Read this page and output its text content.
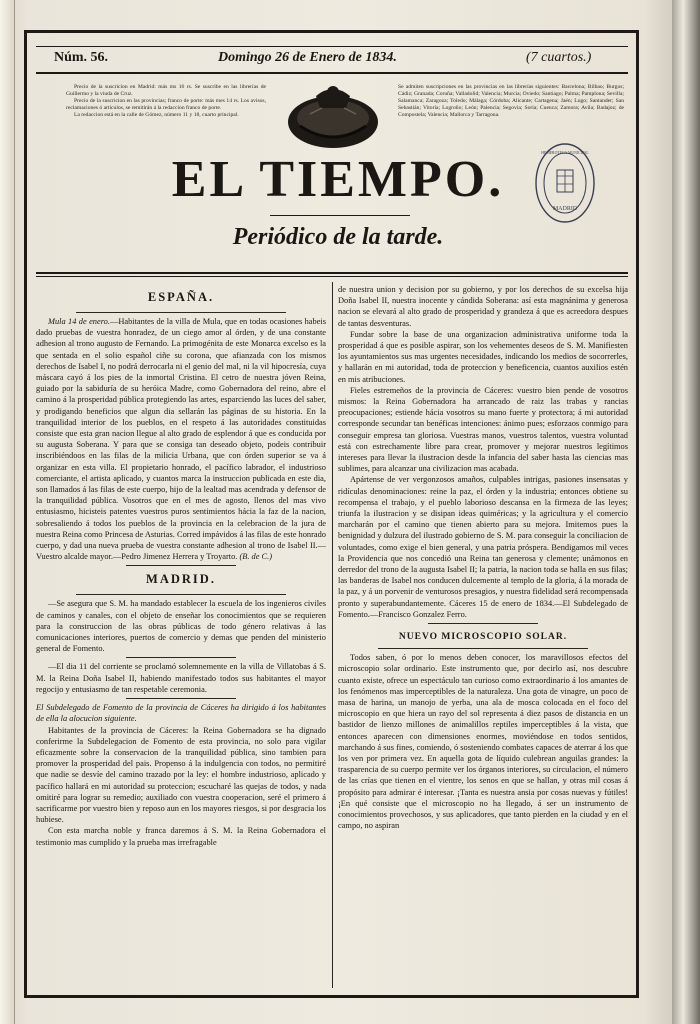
Núm. 56.	Domingo 26 de Enero de 1834.	(7 cuartos.)
Precio de la suscricion en Madrid: más ms 16 rs. Se suscribe en las librerías de Guillermo y la viuda de Cruz.
Precio de la suscricion en las provincias; franco de porte: más mes 14 rs. Los avisos, reclamaciones ó artículos, se remitirán á la redaccion franco de porte.
La redaccion está en la calle de Gómez, número 11 y 18, cuarto principal.
Se admiten suscripciones en las provincias en las librerías siguientes: Barcelona; Bilbao; Burgos; Cádiz; Granada; Coruña; Valladolid; Valencia; Murcia; Oviedo; Santiago; Palma; Pamplona; Sevilla; Salamanca; Zaragoza; Toledo; Málaga; Córdoba; Alicante; Cartagena; Jaén; Lugo; Santander; San Sebastián; Vitoria; Logroño; León; Palencia; Segovia; Soria; Cuenca; Zamora; Avila; Badajoz; de Compostela; Valencia; Mallorca y Tarragona.
EL TIEMPO.
Periódico de la tarde.
MADRID
HEMEROTECA MUNICIPAL
ESPAÑA.

Mula 14 de enero.—Habitantes de la villa de Mula, que en todas ocasiones habeis dado pruebas de vuestra honradez, de un ciego amor al órden, y de una constante adhesion al trono augusto de Fernando. La primogénita de este Monarca excelso es la que sentada en el solio español ciñe su corona, que afianzada con los mismos derechos de Isabel I, no podrá derrocarla ni el genio del mal, ni la vil hipocresía, cuya máscara cayó á los pies de la inmortal Cristina. El cetro de nuestra jóven Reina, guiado por la sabiduría de su heróica Madre, como Gobernadora del reino, abre el camino á la prosperidad pública protegiendo las artes, esparciendo las luces del saber, y prodigando beneficios que algun dia sellarán las páginas de su historia. En la tranquilidad interior de los pueblos, en el respeto á las autoridades constituidas consiste que esta gran nacion llegue al alto grado de esplendor á que es conducida por su augusta Soberana. Y para que se consiga tan deseado objeto, podeis contribuir inscribiéndoos en las filas de la milicia Urbana, que con órden superior se va á organizar en esta villa. El propietario honrado, el pacífico labrador, el industrioso comerciante, el artista aplicado, y cuantos marca la instruccion publicada en este dia, son llamados á las filas de este cuerpo, hijo de la lealtad mas acendrada y defensor de la tranquilidad pública. Vosotros que en el mes de agosto, llenos del mas vivo entusiasmo, hicisteis patentes vuestros puros sentimientos hácia la faz de la nacion, sobresaliendo á todos los pueblos de la provincia en la celebracion de la jura de nuestra Reina como Princesa de Asturias. Corred impávidos á las filas de este honrado cuerpo, y dad una nueva prueba de vuestra constante adhesion al trono de Isabel II.—Vuestro alcalde mayor.—Pedro Jimenez Herrera y Troyarto. (B. de C.)

MADRID.

—Se asegura que S. M. ha mandado establecer la escuela de los ingenieros civiles de caminos y canales, con el objeto de enseñar los conocimientos que se requieren para la construccion de las obras públicas de todo género relativas á las comunicaciones interiores, puertos de comercio y demas que penden del ministerio general de Fomento.

—El dia 11 del corriente se proclamó solemnemente en la villa de Villatobas á S. M. la Reina Doña Isabel II, habiendo manifestado todos sus habitantes el mayor regocijo y entusiasmo de tan respetable ceremonia.

El Subdelegado de Fomento de la provincia de Cáceres ha dirigido á los habitantes de ella la alocucion siguiente.

Habitantes de la provincia de Cáceres: la Reina Gobernadora se ha dignado conferirme la Subdelegacion de Fomento de esta provincia, no solo para vigilar eficazmente sobre la conservacion de la tranquilidad pública, sino tambien para promover la prosperidad del pais. Propenso á la indulgencia con todos, no permitiré que nadie se desvíe del camino trazado por la ley: el hombre industrioso, aplicado y pacífico hallará en mi autoridad su proteccion; escucharé las quejas de todos, y nada omitiré para lograr su remedio; auxiliado con vuestra cooperacion, seré el primero á sacrificarme por vuestro bien y reposo aun en los mayores riesgos, si por desgracia los hubiese.

Con esta marcha noble y franca daremos á S. M. la Reina Gobernadora el testimonio mas cumplido y la prueba mas irrefragable

de nuestra union y decision por su gobierno, y por los derechos de su excelsa hija Doña Isabel II, nuestra inocente y cándida Soberana: así esta magnánima y generosa nacion se elevará al alto grado de prosperidad y grandeza á que es acreedora despues de tantas desventuras.

Fundar sobre la base de una organizacion administrativa uniforme toda la prosperidad á que es posible aspirar, son los vehementes deseos de S. M. Manifiesten los ayuntamientos sus mas urgentes necesidades, indicando los medios de socorrerles, y hallarán en mi autoridad, toda de proteccion y beneficencia, cuantos auxilios estén en mis atribuciones.

Fieles estremeños de la provincia de Cáceres: vuestro bien pende de vosotros mismos: la Reina Gobernadora ha arrancado de raiz las trabas y rancias preocupaciones; estiende hácia vosotros su mano fuerte y protectora; á mi autoridad corresponde secundar tan benéficas intenciones: ánimo pues; esforzaos conmigo para conseguir empresa tan gloriosa. Vuestras manos, vuestros talentos, vuestra voluntad está con estrechamente libre para crear, promover y mejorar nuestros legítimos intereses para llevar la ilustracion desde la infancia del saber hasta las ciencias mas sublimes, para alcanzar una civilizacion mas acabada.

Apártense de ver vergonzosos amaños, culpables intrigas, pasiones insensatas y ridículas denominaciones: reine la paz, el órden y la industria; entonces obtiene su recompensa el trabajo, y el pueblo laborioso descansa en la firmeza de las leyes; triunfa la ilustracion y se disipan ideas quiméricas; y la agricultura y el comercio marcharán por el camino que tienen abierto para su mejora. Imitemos pues la benignidad y dulzura del ilustrado gobierno de S. M. para conseguir la conciliacion de voluntades, como exige el bien general, y una patria próspera. Bendigamos mil veces la Providencia que nos concedió una Reina tan generosa y clemente; unámonos en derredor del trono de la augusta Isabel II; la patria, la nacion toda se halla en sus filas; las banderas de Isabel nos conducen dulcemente al templo de la gloria, á la morada de la paz, y á un porvenir de venturosos presagios, y nuestra fidelidad será recompensada pronto y superabundantemente. Cáceres 15 de enero de 1834.—El Subdelegado de Fomento.—Francisco Gonzalez Ferro.

NUEVO MICROSCOPIO SOLAR.

Todos saben, ó por lo menos deben conocer, los maravillosos efectos del microscopio solar ordinario. Este instrumento que, por decirlo así, nos descubre cuanto existe, ofrece un espectáculo tan curioso como extraordinario á los amantes de los fenómenos mas imperceptibles de la naturaleza. Una gota de vinagre, un poco de masa de harina, un manojo de yerba, una ala de mosca colocada en el foco del microscopio en que hiera un rayo del sol representa á diez pasos de distancia en un bastidor de lienzo millones de animalillos reptiles imperceptibles á la vista, que entonces aparecen con dimensiones enormes, moviéndose en todos sentidos, marchando á sus fines, comiendo, ó sosteniendo combates capaces de aterrar á los que los ven por primera vez. En aquella gota de líquido culebrean anguilas grandes: la trasparencia de su cuerpo permite ver los órganos interiores, su circulacion, el número de las crías que tienen en el vientre, los senos en que se hallan, y otras mil cosas á propósito para admirar é interesar. ¡Tanta es nuestra ansia por cosas nuevas y fútiles! ¡En qué consiste que el microscopio no ha llegado, á ser un instrumento de conocimientos provechosos, y sus aplicadores, que tanto pierden en la ciudad y en el campo, no aspiran
